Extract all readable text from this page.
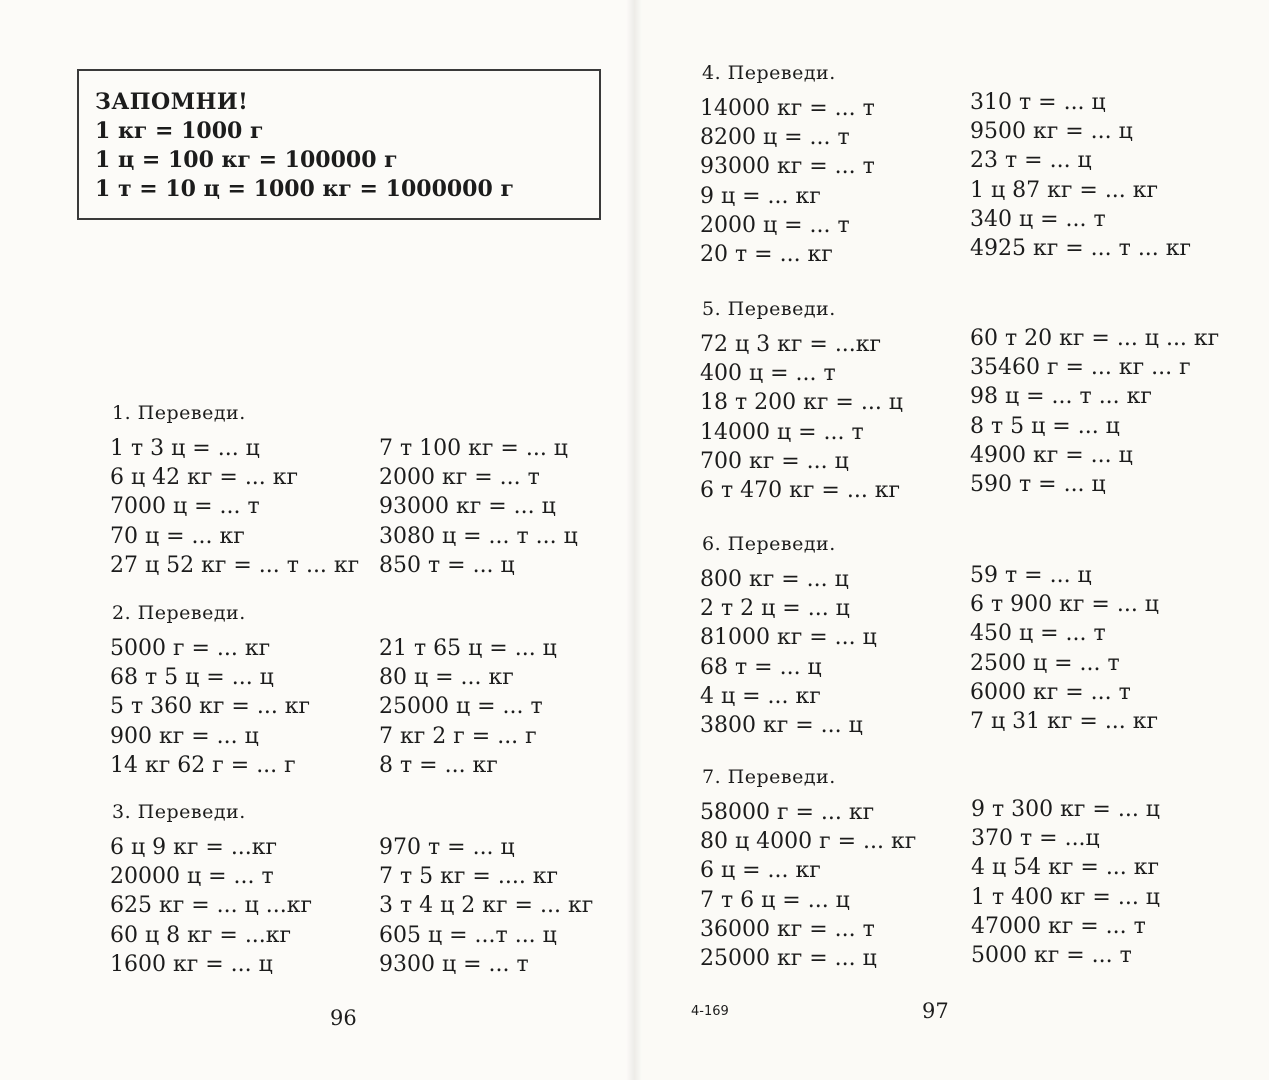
ЗАПОМНИ!
1 кг = 1000 г
1 ц = 100 кг = 100000 г
1 т = 10 ц = 1000 кг = 1000000 г
1. Переведи.
1 т 3 ц = ... ц
6 ц 42 кг = ... кг
7000 ц = ... т
70 ц = ... кг
27 ц 52 кг = ... т ... кг
7 т 100 кг = ... ц
2000 кг = ... т
93000 кг = ... ц
3080 ц = ... т ... ц
850 т = ... ц
2. Переведи.
5000 г = ... кг
68 т 5 ц = ... ц
5 т 360 кг = ... кг
900 кг = ... ц
14 кг 62 г = ... г
21 т 65 ц = ... ц
80 ц = ... кг
25000 ц = ... т
7 кг 2 г = ... г
8 т = ... кг
3. Переведи.
6 ц 9 кг = ...кг
20000 ц = ... т
625 кг = ... ц ...кг
60 ц 8 кг = ...кг
1600 кг = ... ц
970 т = ... ц
7 т 5 кг = .... кг
3 т 4 ц 2 кг = ... кг
605 ц = ...т ... ц
9300 ц = ... т
4. Переведи.
14000 кг = ... т
8200 ц = ... т
93000 кг = ... т
9 ц = ... кг
2000 ц = ... т
20 т = ... кг
310 т = ... ц
9500 кг = ... ц
23 т = ... ц
1 ц 87 кг = ... кг
340 ц = ... т
4925 кг = ... т ... кг
5. Переведи.
72 ц 3 кг = ...кг
400 ц = ... т
18 т 200 кг = ... ц
14000 ц = ... т
700 кг = ... ц
6 т 470 кг = ... кг
60 т 20 кг = ... ц ... кг
35460 г = ... кг ... г
98 ц = ... т ... кг
8 т 5 ц = ... ц
4900 кг = ... ц
590 т = ... ц
6. Переведи.
800 кг = ... ц
2 т 2 ц = ... ц
81000 кг = ... ц
68 т = ... ц
4 ц = ... кг
3800 кг = ... ц
59 т = ... ц
6 т 900 кг = ... ц
450 ц = ... т
2500 ц = ... т
6000 кг = ... т
7 ц 31 кг = ... кг
7. Переведи.
58000 г = ... кг
80 ц 4000 г = ... кг
6 ц = ... кг
7 т 6 ц = ... ц
36000 кг = ... т
25000 кг = ... ц
9 т 300 кг = ... ц
370 т = ...ц
4 ц 54 кг = ... кг
1 т 400 кг = ... ц
47000 кг = ... т
5000 кг = ... т
96	4-169	97
